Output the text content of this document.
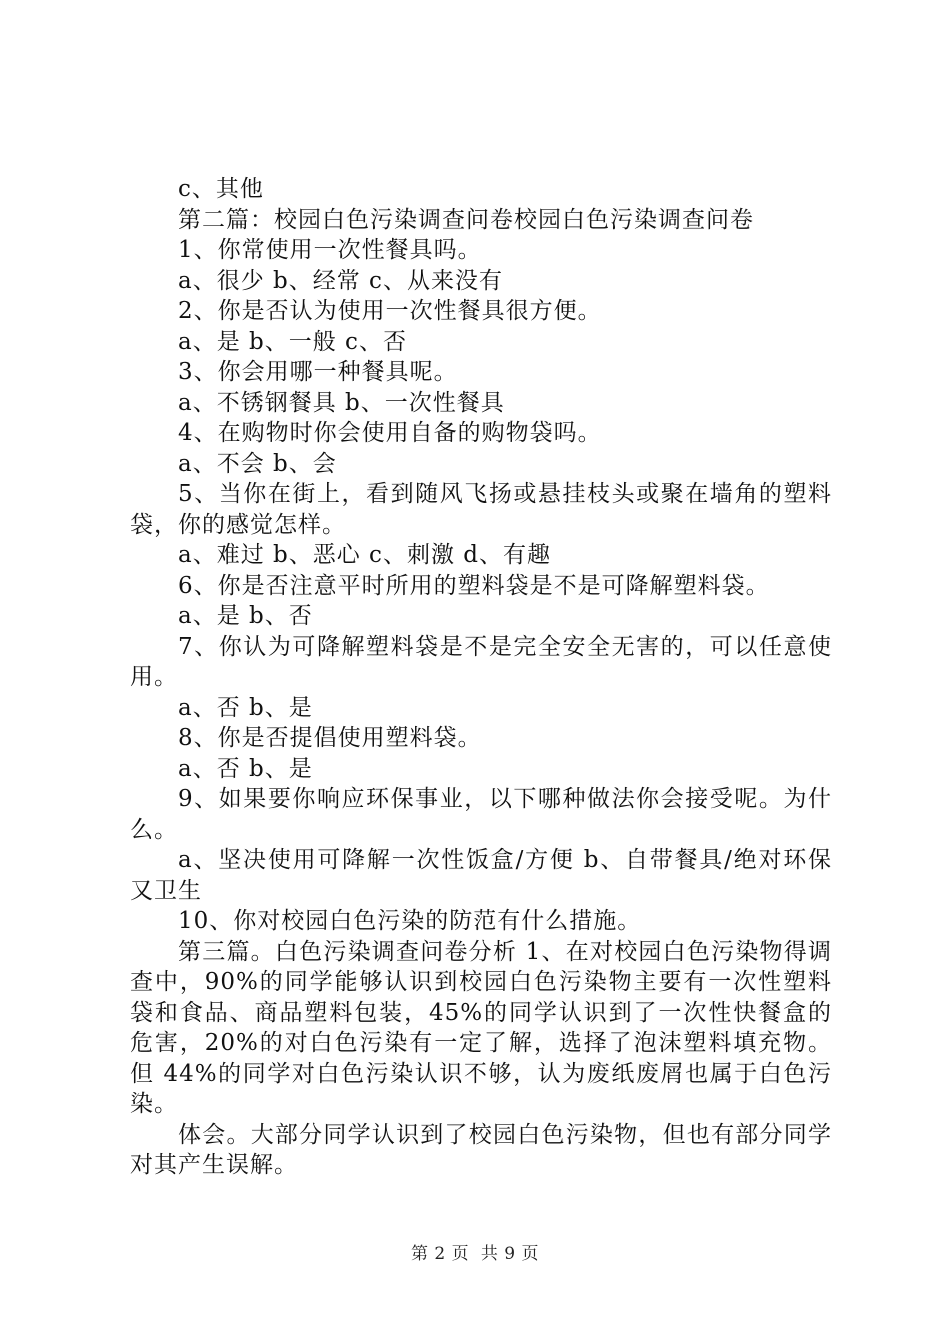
c、其他

第二篇：校园白色污染调查问卷校园白色污染调查问卷

1、你常使用一次性餐具吗。

a、很少 b、经常 c、从来没有

2、你是否认为使用一次性餐具很方便。

a、是 b、一般 c、否

3、你会用哪一种餐具呢。

a、不锈钢餐具 b、一次性餐具

4、在购物时你会使用自备的购物袋吗。

a、不会 b、会

5、当你在街上，看到随风飞扬或悬挂枝头或聚在墙角的塑料袋，你的感觉怎样。

a、难过 b、恶心 c、刺激 d、有趣

6、你是否注意平时所用的塑料袋是不是可降解塑料袋。

a、是 b、否

7、你认为可降解塑料袋是不是完全安全无害的，可以任意使用。

a、否 b、是

8、你是否提倡使用塑料袋。

a、否 b、是

9、如果要你响应环保事业，以下哪种做法你会接受呢。为什么。

a、坚决使用可降解一次性饭盒/方便 b、自带餐具/绝对环保又卫生

10、你对校园白色污染的防范有什么措施。

第三篇。白色污染调查问卷分析 1、在对校园白色污染物得调查中，90%的同学能够认识到校园白色污染物主要有一次性塑料袋和食品、商品塑料包装，45%的同学认识到了一次性快餐盒的危害，20%的对白色污染有一定了解，选择了泡沫塑料填充物。但 44%的同学对白色污染认识不够，认为废纸废屑也属于白色污染。

体会。大部分同学认识到了校园白色污染物，但也有部分同学对其产生误解。

第 2 页  共 9 页
